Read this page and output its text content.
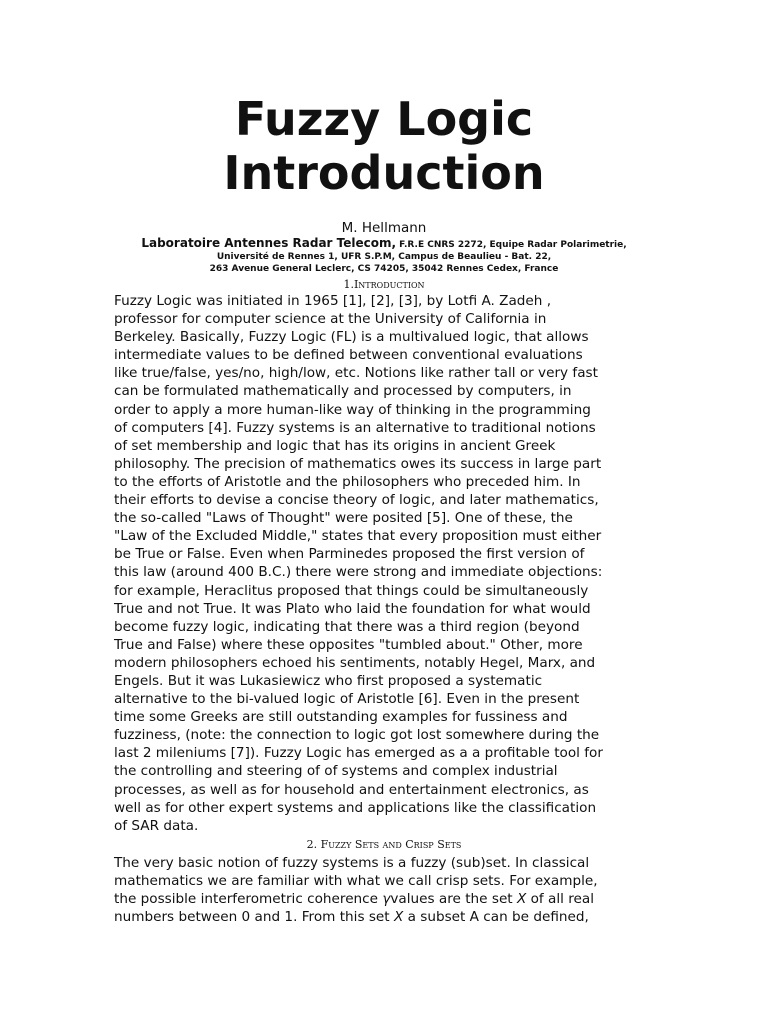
Fuzzy Logic
Introduction
M. Hellmann
Laboratoire Antennes Radar Telecom, F.R.E CNRS 2272, Equipe Radar Polarimetrie,
Université de Rennes 1, UFR S.P.M, Campus de Beaulieu - Bat. 22,
263 Avenue General Leclerc, CS 74205, 35042 Rennes Cedex, France
1.Introduction
Fuzzy Logic was initiated in 1965 [1], [2], [3], by Lotfi A. Zadeh ,
professor for computer science at the University of California in
Berkeley. Basically, Fuzzy Logic (FL) is a multivalued logic, that allows
intermediate values to be defined between conventional evaluations
like true/false, yes/no, high/low, etc. Notions like rather tall or very fast
can be formulated mathematically and processed by computers, in
order to apply a more human-like way of thinking in the programming
of computers [4]. Fuzzy systems is an alternative to traditional notions
of set membership and logic that has its origins in ancient Greek
philosophy. The precision of mathematics owes its success in large part
to the efforts of Aristotle and the philosophers who preceded him. In
their efforts to devise a concise theory of logic, and later mathematics,
the so-called "Laws of Thought" were posited [5]. One of these, the
"Law of the Excluded Middle," states that every proposition must either
be True or False. Even when Parminedes proposed the first version of
this law (around 400 B.C.) there were strong and immediate objections:
for example, Heraclitus proposed that things could be simultaneously
True and not True. It was Plato who laid the foundation for what would
become fuzzy logic, indicating that there was a third region (beyond
True and False) where these opposites "tumbled about." Other, more
modern philosophers echoed his sentiments, notably Hegel, Marx, and
Engels. But it was Lukasiewicz who first proposed a systematic
alternative to the bi-valued logic of Aristotle [6]. Even in the present
time some Greeks are still outstanding examples for fussiness and
fuzziness, (note: the connection to logic got lost somewhere during the
last 2 mileniums [7]). Fuzzy Logic has emerged as a a profitable tool for
the controlling and steering of of systems and complex industrial
processes, as well as for household and entertainment electronics, as
well as for other expert systems and applications like the classification
of SAR data.
2. Fuzzy Sets and Crisp Sets
The very basic notion of fuzzy systems is a fuzzy (sub)set. In classical
mathematics we are familiar with what we call crisp sets. For example,
the possible interferometric coherence γvalues are the set X of all real
numbers between 0 and 1. From this set X a subset A can be defined,
